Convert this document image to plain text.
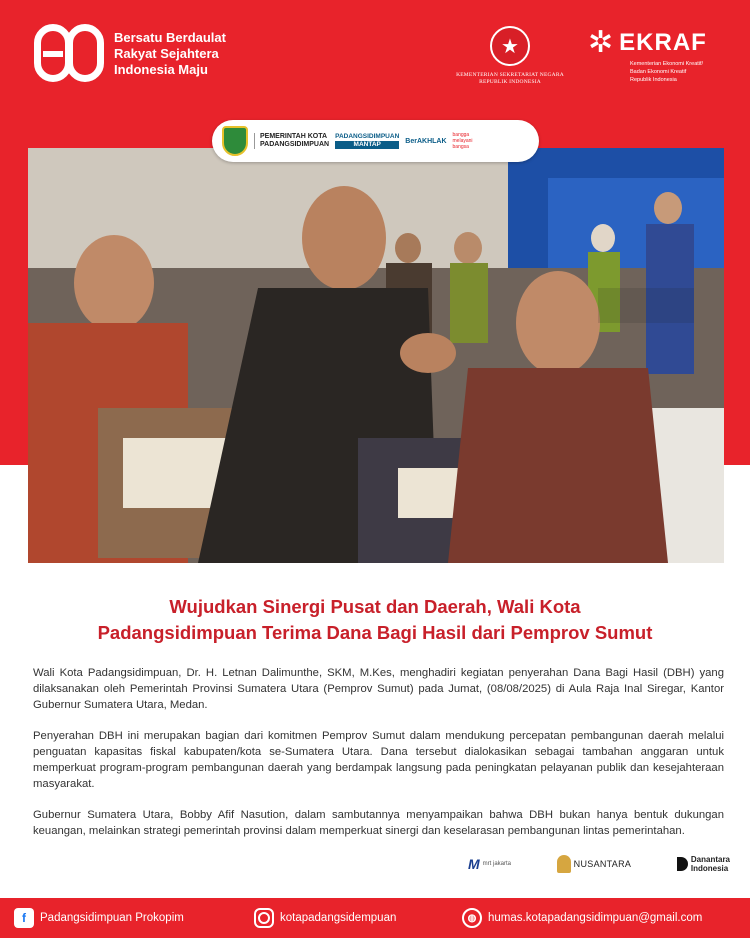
Bersatu Berdaulat
Rakyat Sejahtera
Indonesia Maju
★
KEMENTERIAN SEKRETARIAT NEGARA
REPUBLIK INDONESIA
✲ EKRAF
Kementerian Ekonomi Kreatif/
Badan Ekonomi Kreatif
Republik Indonesia
PEMERINTAH KOTA
PADANGSIDIMPUAN
PADANGSIDIMPUAN
MANTAP	BerAKHLAK
bangga
melayani
bangsa
Wujudkan Sinergi Pusat dan Daerah, Wali Kota
Padangsidimpuan Terima Dana Bagi Hasil dari Pemprov Sumut

Wali Kota Padangsidimpuan, Dr. H. Letnan Dalimunthe, SKM, M.Kes, menghadiri kegiatan penyerahan Dana Bagi Hasil (DBH) yang dilaksanakan oleh Pemerintah Provinsi Sumatera Utara (Pemprov Sumut) pada Jumat, (08/08/2025) di Aula Raja Inal Siregar, Kantor Gubernur Sumatera Utara, Medan.

Penyerahan DBH ini merupakan bagian dari komitmen Pemprov Sumut dalam mendukung percepatan pembangunan daerah melalui penguatan kapasitas fiskal kabupaten/kota se-Sumatera Utara. Dana tersebut dialokasikan sebagai tambahan anggaran untuk memperkuat program-program pembangunan daerah yang berdampak langsung pada peningkatan pelayanan publik dan kesejahteraan masyarakat.

Gubernur Sumatera Utara, Bobby Afif Nasution, dalam sambutannya menyampaikan bahwa DBH bukan hanya bentuk dukungan keuangan, melainkan strategi pemerintah provinsi dalam memperkuat sinergi dan keselarasan pembangunan lintas pemerintahan.

M mrt jakarta	NUSANTARA	Danantara
Indonesia
f	Padangsidimpuan Prokopim	kotapadangsidempuan	◍	humas.kotapadangsidimpuan@gmail.com
